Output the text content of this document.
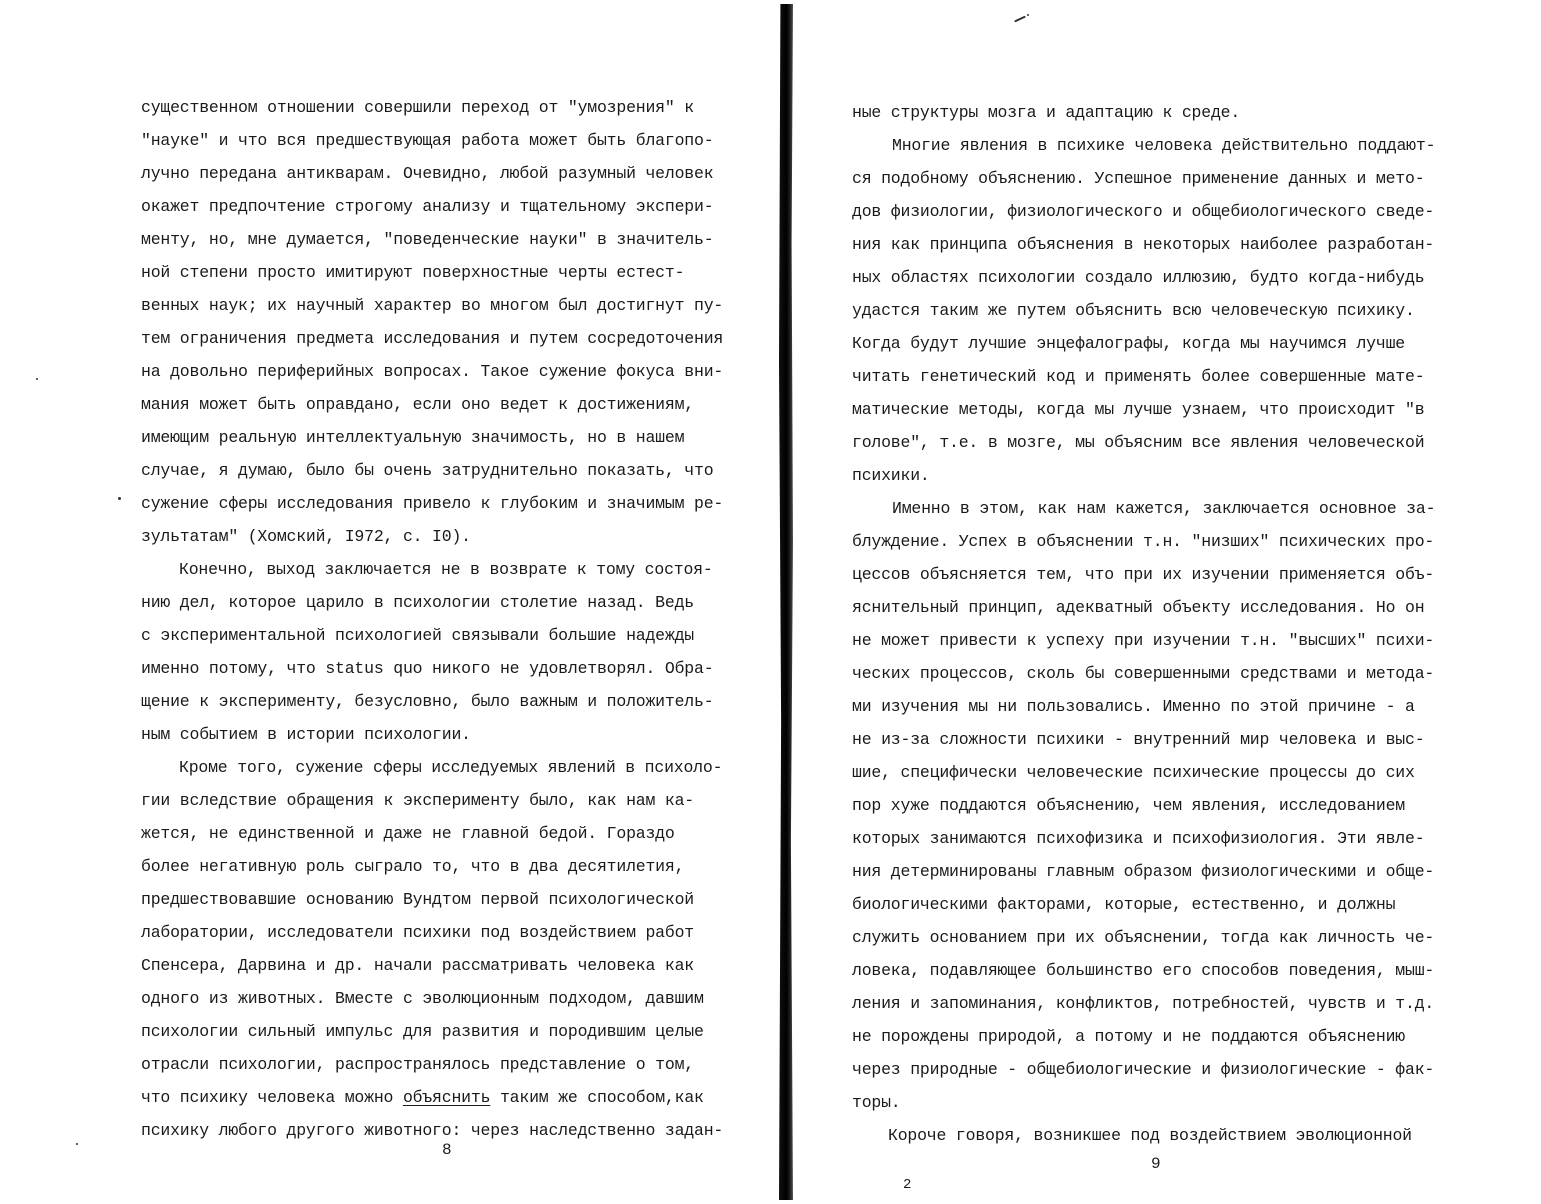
существенном отношении совершили переход от "умозрения" к
"науке" и что вся предшествующая работа может быть благопо-
лучно передана антикварам. Очевидно, любой разумный человек
окажет предпочтение строгому анализу и тщательному экспери-
менту, но, мне думается, "поведенческие науки" в значитель-
ной степени просто имитируют поверхностные черты естест-
венных наук; их научный характер во многом был достигнут пу-
тем ограничения предмета исследования и путем сосредоточения
на довольно периферийных вопросах. Такое сужение фокуса вни-
мания может быть оправдано, если оно ведет к достижениям,
имеющим реальную интеллектуальную значимость, но в нашем
случае, я думаю, было бы очень затруднительно показать, что
сужение сферы исследования привело к глубоким и значимым ре-
зультатам" (Хомский, I972, с. I0).
Конечно, выход заключается не в возврате к тому состоя-
нию дел, которое царило в психологии столетие назад. Ведь
с экспериментальной психологией связывали большие надежды
именно потому, что status quo никого не удовлетворял. Обра-
щение к эксперименту, безусловно, было важным и положитель-
ным событием в истории психологии.
Кроме того, сужение сферы исследуемых явлений в психоло-
гии вследствие обращения к эксперименту было, как нам ка-
жется, не единственной и даже не главной бедой. Гораздо
более негативную роль сыграло то, что в два десятилетия,
предшествовавшие основанию Вундтом первой психологической
лаборатории, исследователи психики под воздействием работ
Спенсера, Дарвина и др. начали рассматривать человека как
одного из животных. Вместе с эволюционным подходом, давшим
психологии сильный импульс для развития и породившим целые
отрасли психологии, распространялось представление о том,
что психику человека можно объяснить таким же способом,как
психику любого другого животного: через наследственно задан-
8
ные структуры мозга и адаптацию к среде.
Многие явления в психике человека действительно поддают-
ся подобному объяснению. Успешное применение данных и мето-
дов физиологии, физиологического и общебиологического сведе-
ния как принципа объяснения в некоторых наиболее разработан-
ных областях психологии создало иллюзию, будто когда-нибудь
удастся таким же путем объяснить всю человеческую психику.
Когда будут лучшие энцефалографы, когда мы научимся лучше
читать генетический код и применять более совершенные мате-
матические методы, когда мы лучше узнаем, что происходит "в
голове", т.е. в мозге, мы объясним все явления человеческой
психики.
Именно в этом, как нам кажется, заключается основное за-
блуждение. Успех в объяснении т.н. "низших" психических про-
цессов объясняется тем, что при их изучении применяется объ-
яснительный принцип, адекватный объекту исследования. Но он
не может привести к успеху при изучении т.н. "высших" психи-
ческих процессов, сколь бы совершенными средствами и метода-
ми изучения мы ни пользовались. Именно по этой причине - а
не из-за сложности психики - внутренний мир человека и выс-
шие, специфически человеческие психические процессы до сих
пор хуже поддаются объяснению, чем явления, исследованием
которых занимаются психофизика и психофизиология. Эти явле-
ния детерминированы главным образом физиологическими и обще-
биологическими факторами, которые, естественно, и должны
служить основанием при их объяснении, тогда как личность че-
ловека, подавляющее большинство его способов поведения, мыш-
ления и запоминания, конфликтов, потребностей, чувств и т.д.
не порождены природой, а потому и не поддаются объяснению
через природные - общебиологические и физиологические - фак-
торы.
Короче говоря, возникшее под воздействием эволюционной
9
2
